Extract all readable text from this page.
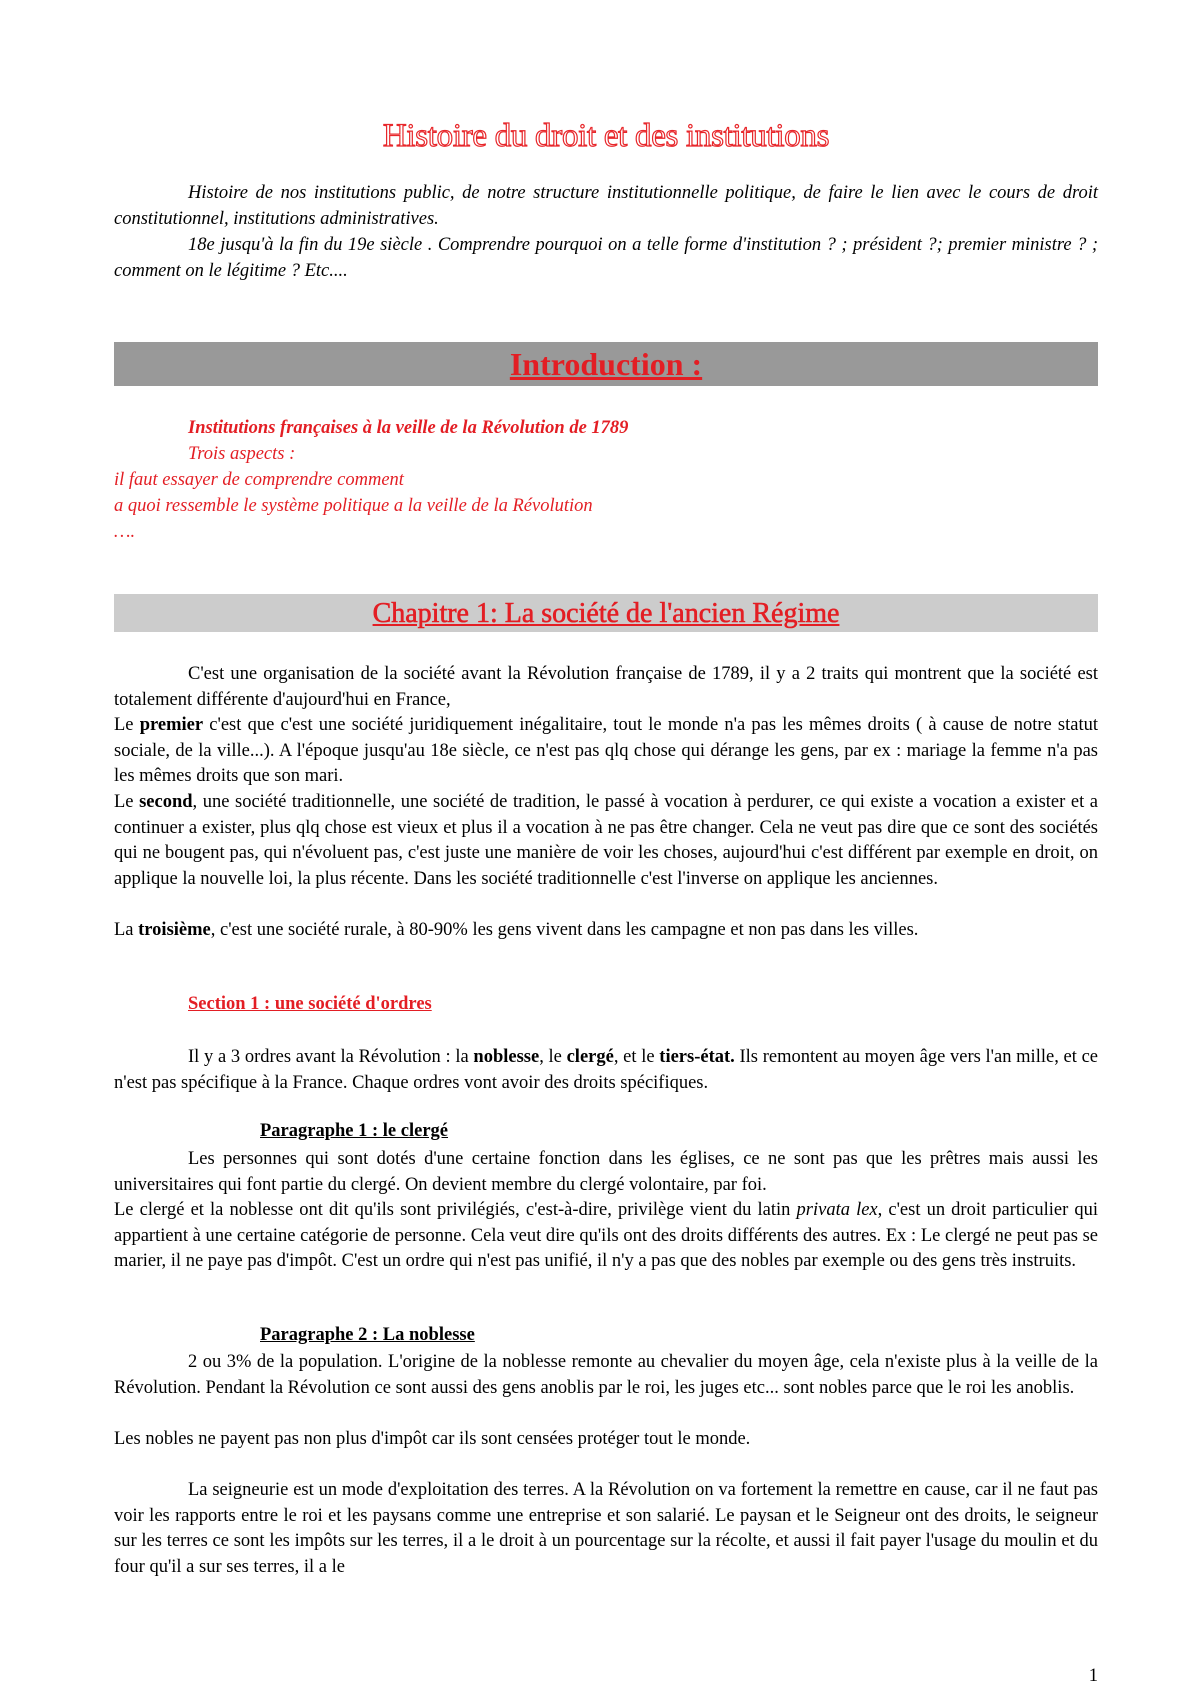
Histoire du droit et des institutions

Histoire de nos institutions public, de notre structure institutionnelle politique, de faire le lien avec le cours de droit constitutionnel, institutions administratives.

18e jusqu'à la fin du 19e siècle . Comprendre pourquoi on a telle forme d'institution ? ; président ?; premier ministre ? ; comment on le légitime ? Etc....

Introduction :
Institutions françaises à la veille de la Révolution de 1789
Trois aspects :
il faut essayer de comprendre comment
a quoi ressemble le système politique a la veille de la Révolution
….
Chapitre 1: La société de l'ancien Régime

C'est une organisation de la société avant la Révolution française de 1789, il y a 2 traits qui montrent que la société est totalement différente d'aujourd'hui en France,

Le premier c'est que c'est une société juridiquement inégalitaire, tout le monde n'a pas les mêmes droits ( à cause de notre statut sociale, de la ville...). A l'époque jusqu'au 18e siècle, ce n'est pas qlq chose qui dérange les gens, par ex : mariage la femme n'a pas les mêmes droits que son mari.

Le second, une société traditionnelle, une société de tradition, le passé à vocation à perdurer, ce qui existe a vocation a exister et a continuer a exister, plus qlq chose est vieux et plus il a vocation à ne pas être changer. Cela ne veut pas dire que ce sont des sociétés qui ne bougent pas, qui n'évoluent pas, c'est juste une manière de voir les choses, aujourd'hui c'est différent par exemple en droit, on applique la nouvelle loi, la plus récente. Dans les société traditionnelle c'est l'inverse on applique les anciennes.

La troisième, c'est une société rurale, à 80-90% les gens vivent dans les campagne et non pas dans les villes.

Section 1 : une société d'ordres

Il y a 3 ordres avant la Révolution : la noblesse, le clergé, et le tiers-état. Ils remontent au moyen âge vers l'an mille, et ce n'est pas spécifique à la France. Chaque ordres vont avoir des droits spécifiques.

Paragraphe 1 : le clergé

Les personnes qui sont dotés d'une certaine fonction dans les églises, ce ne sont pas que les prêtres mais aussi les universitaires qui font partie du clergé. On devient membre du clergé volontaire, par foi.

Le clergé et la noblesse ont dit qu'ils sont privilégiés, c'est-à-dire, privilège vient du latin privata lex, c'est un droit particulier qui appartient à une certaine catégorie de personne. Cela veut dire qu'ils ont des droits différents des autres. Ex : Le clergé ne peut pas se marier, il ne paye pas d'impôt. C'est un ordre qui n'est pas unifié, il n'y a pas que des nobles par exemple ou des gens très instruits.

Paragraphe 2 : La noblesse

2 ou 3% de la population. L'origine de la noblesse remonte au chevalier du moyen âge, cela n'existe plus à la veille de la Révolution. Pendant la Révolution ce sont aussi des gens anoblis par le roi, les juges etc... sont nobles parce que le roi les anoblis.

Les nobles ne payent pas non plus d'impôt car ils sont censées protéger tout le monde.

La seigneurie est un mode d'exploitation des terres. A la Révolution on va fortement la remettre en cause, car il ne faut pas voir les rapports entre le roi et les paysans comme une entreprise et son salarié. Le paysan et le Seigneur ont des droits, le seigneur sur les terres ce sont les impôts sur les terres, il a le droit à un pourcentage sur la récolte, et aussi il fait payer l'usage du moulin et du four qu'il a sur ses terres, il a le

1
